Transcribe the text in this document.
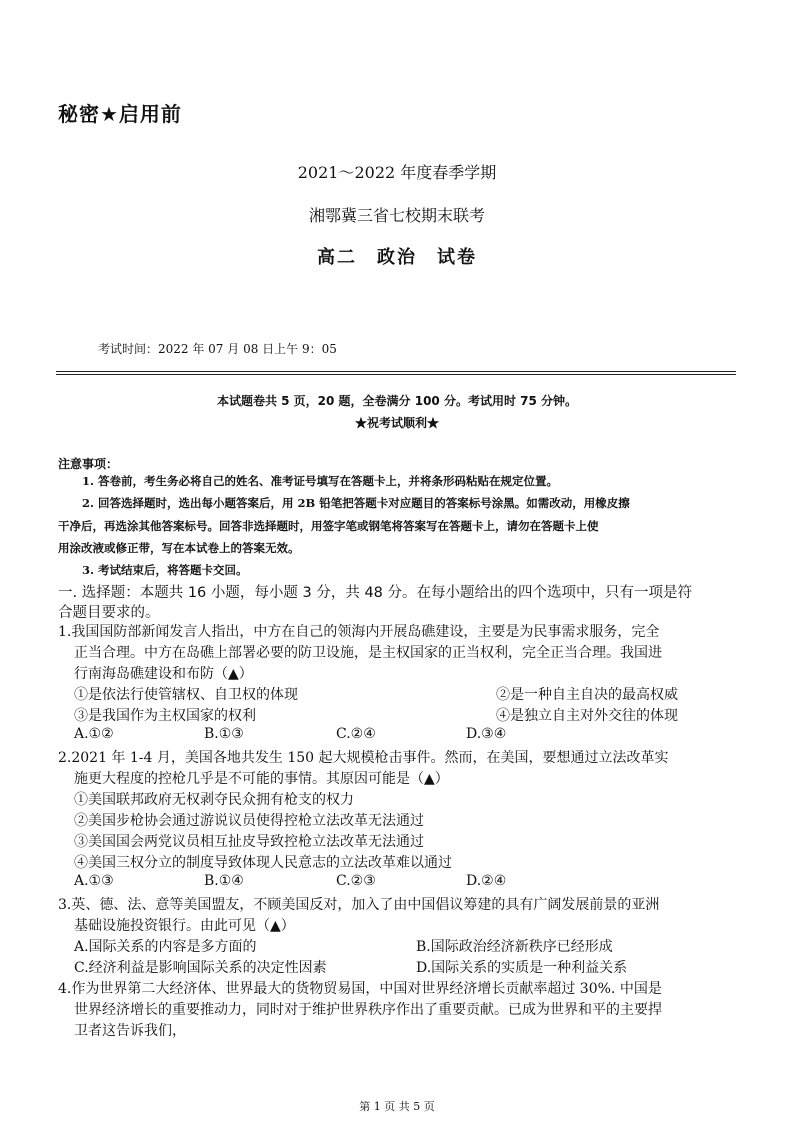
秘密★启用前
2021～2022 年度春季学期
湘鄂冀三省七校期末联考
高二 政治 试卷
考试时间：2022 年 07 月 08 日上午 9：05
本试题卷共 5 页，20 题，全卷满分 100 分。考试用时 75 分钟。
★祝考试顺利★
注意事项：
1. 答卷前，考生务必将自己的姓名、准考证号填写在答题卡上，并将条形码粘贴在规定位置。
2. 回答选择题时，选出每小题答案后，用 2B 铅笔把答题卡对应题目的答案标号涂黑。如需改动，用橡皮擦
干净后，再选涂其他答案标号。回答非选择题时，用签字笔或钢笔将答案写在答题卡上，请勿在答题卡上使
用涂改液或修正带，写在本试卷上的答案无效。
3. 考试结束后，将答题卡交回。
一. 选择题：本题共 16 小题，每小题 3 分，共 48 分。在每小题给出的四个选项中，只有一项是符
合题目要求的。
1.我国国防部新闻发言人指出，中方在自己的领海内开展岛礁建设，主要是为民事需求服务，完全
正当合理。中方在岛礁上部署必要的防卫设施，是主权国家的正当权利，完全正当合理。我国进
行南海岛礁建设和布防（▲）
①是依法行使管辖权、自卫权的体现	②是一种自主自决的最高权威
③是我国作为主权国家的权利	④是独立自主对外交往的体现
A.①②	B.①③	C.②④	D.③④
2.2021 年 1-4 月，美国各地共发生 150 起大规模枪击事件。然而，在美国，要想通过立法改革实
施更大程度的控枪几乎是不可能的事情。其原因可能是（▲）
①美国联邦政府无权剥夺民众拥有枪支的权力
②美国步枪协会通过游说议员使得控枪立法改革无法通过
③美国国会两党议员相互扯皮导致控枪立法改革无法通过
④美国三权分立的制度导致体现人民意志的立法改革难以通过
A.①③	B.①④	C.②③	D.②④
3.英、德、法、意等美国盟友，不顾美国反对，加入了由中国倡议筹建的具有广阔发展前景的亚洲
基础设施投资银行。由此可见（▲）
A.国际关系的内容是多方面的	B.国际政治经济新秩序已经形成
C.经济利益是影响国际关系的决定性因素	D.国际关系的实质是一种利益关系
4.作为世界第二大经济体、世界最大的货物贸易国，中国对世界经济增长贡献率超过 30%. 中国是
世界经济增长的重要推动力，同时对于维护世界秩序作出了重要贡献。已成为世界和平的主要捍
卫者这告诉我们，
第 1 页 共 5 页
